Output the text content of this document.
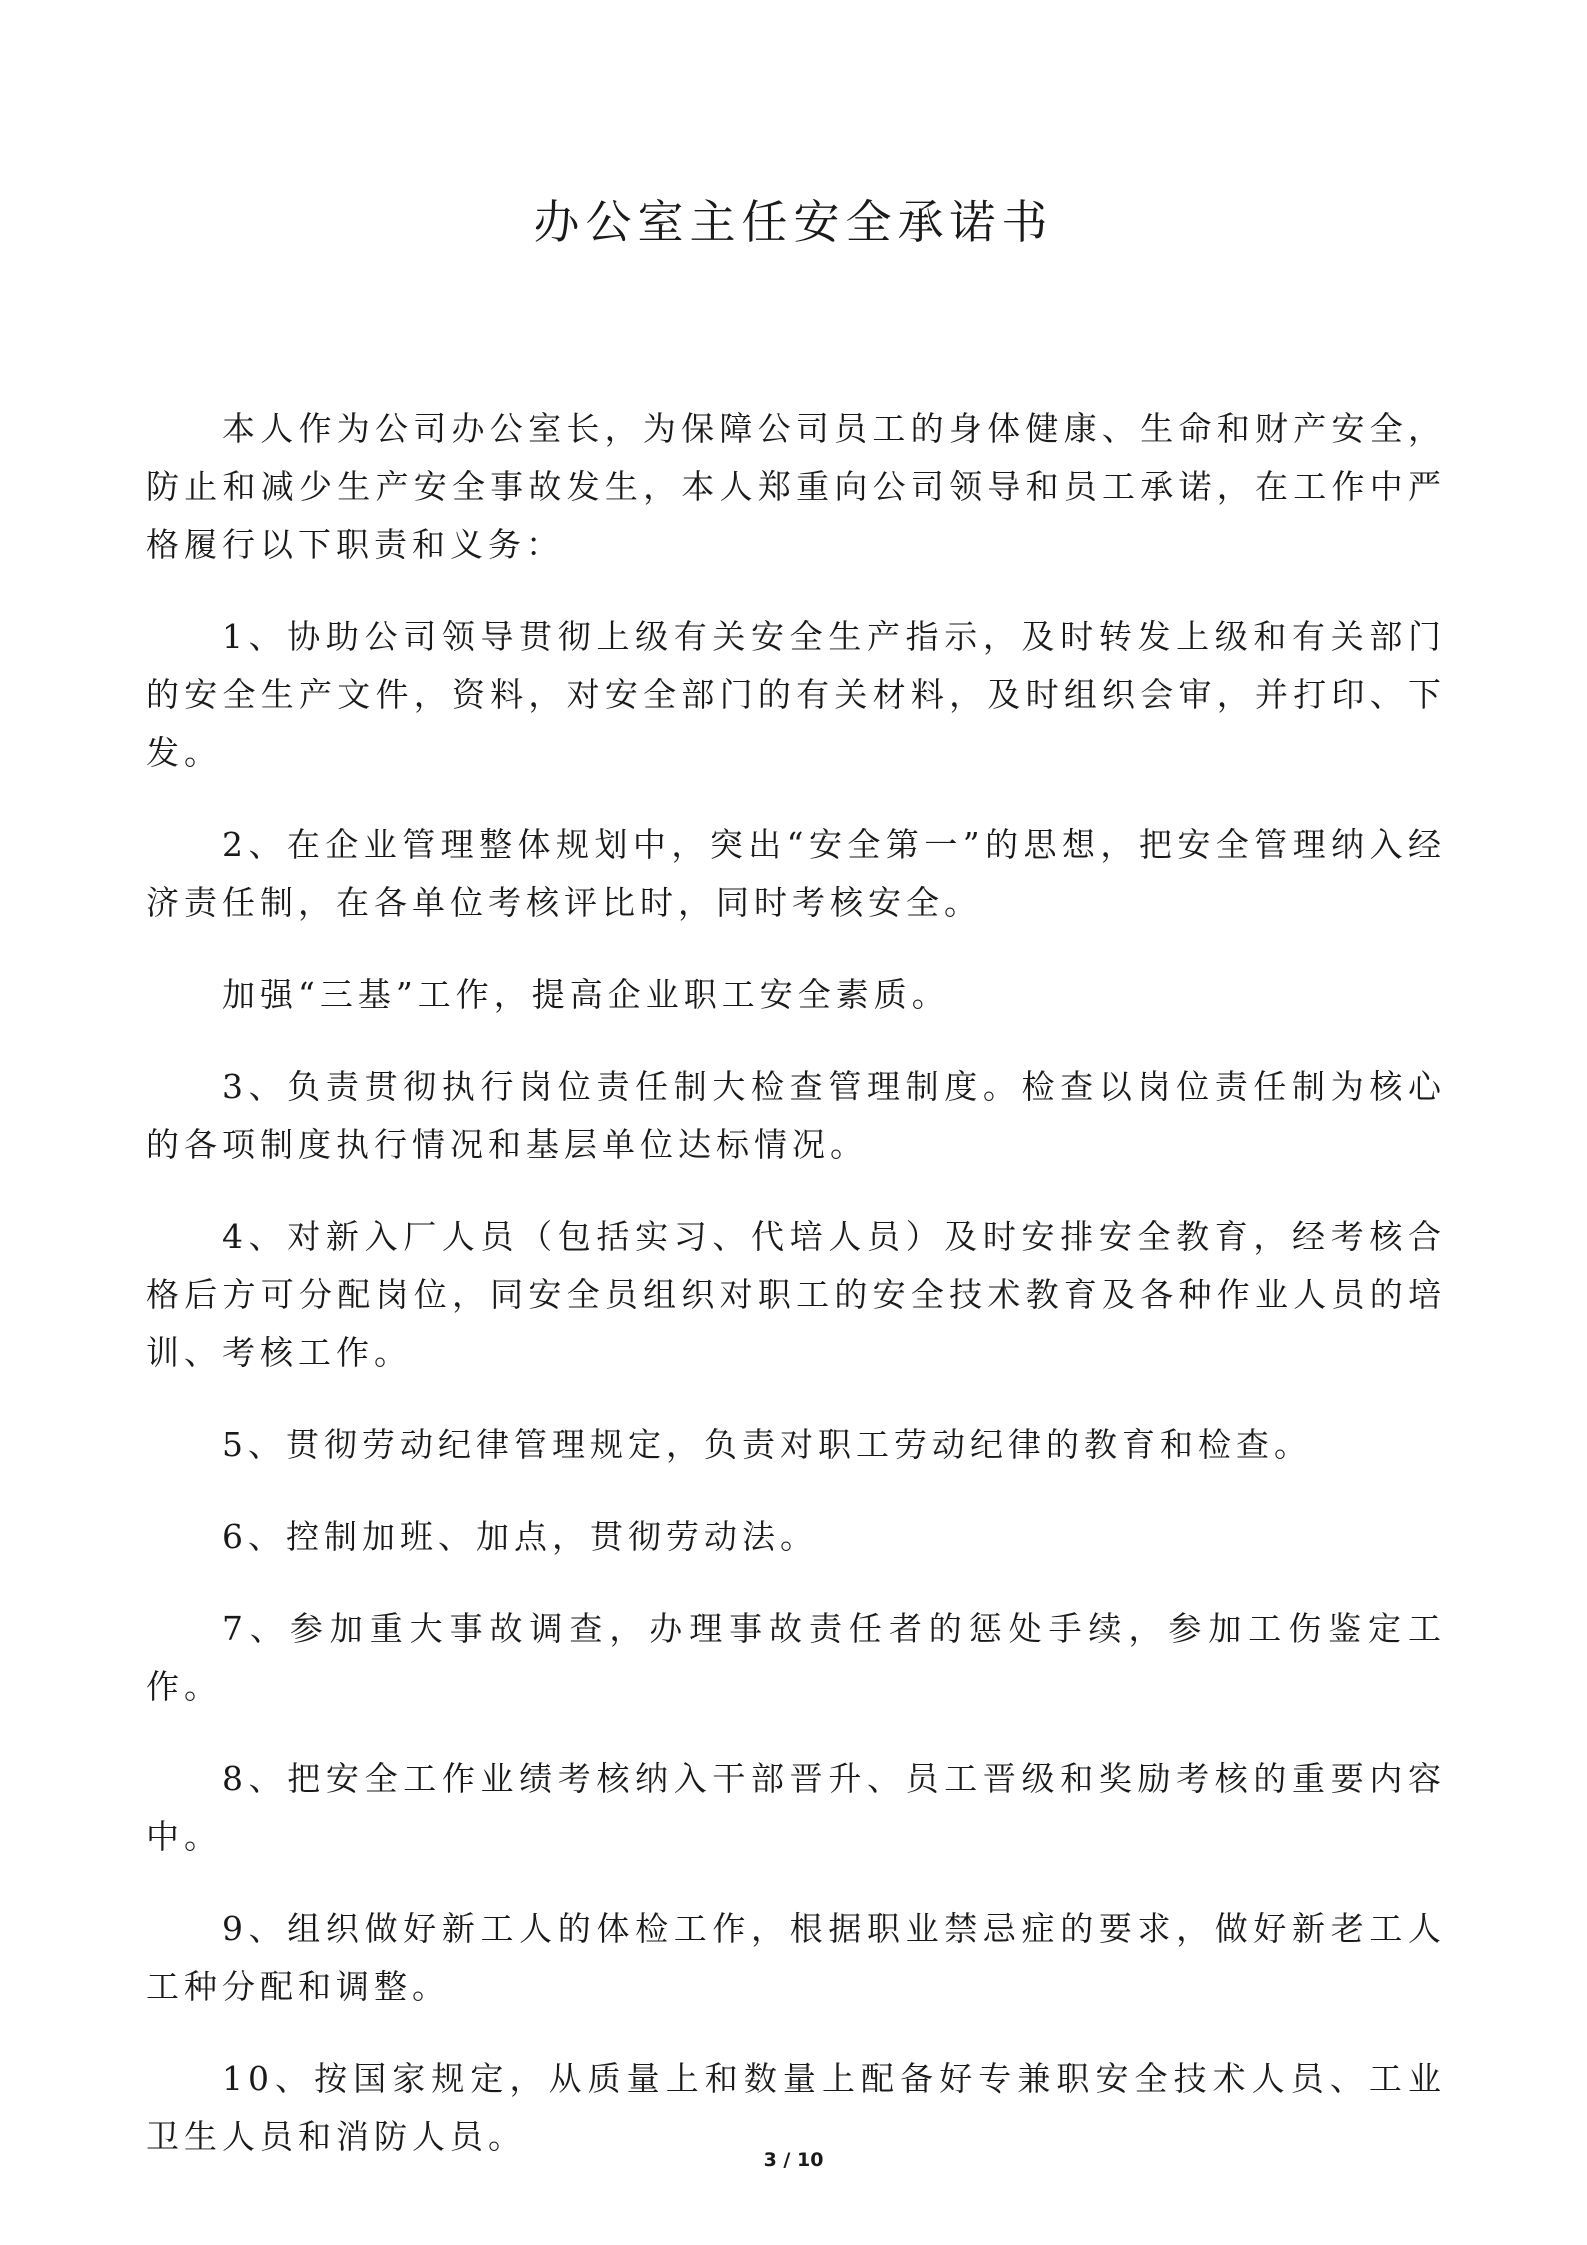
办公室主任安全承诺书

本人作为公司办公室长，为保障公司员工的身体健康、生命和财产安全，防止和减少生产安全事故发生，本人郑重向公司领导和员工承诺，在工作中严格履行以下职责和义务：

1、协助公司领导贯彻上级有关安全生产指示，及时转发上级和有关部门的安全生产文件，资料，对安全部门的有关材料，及时组织会审，并打印、下发。

2、在企业管理整体规划中，突出“安全第一”的思想，把安全管理纳入经济责任制，在各单位考核评比时，同时考核安全。

加强“三基”工作，提高企业职工安全素质。

3、负责贯彻执行岗位责任制大检查管理制度。检查以岗位责任制为核心的各项制度执行情况和基层单位达标情况。

4、对新入厂人员（包括实习、代培人员）及时安排安全教育，经考核合格后方可分配岗位，同安全员组织对职工的安全技术教育及各种作业人员的培训、考核工作。

5、贯彻劳动纪律管理规定，负责对职工劳动纪律的教育和检查。

6、控制加班、加点，贯彻劳动法。

7、参加重大事故调查，办理事故责任者的惩处手续，参加工伤鉴定工作。

8、把安全工作业绩考核纳入干部晋升、员工晋级和奖励考核的重要内容中。

9、组织做好新工人的体检工作，根据职业禁忌症的要求，做好新老工人工种分配和调整。

10、按国家规定，从质量上和数量上配备好专兼职安全技术人员、工业卫生人员和消防人员。

3 / 10
